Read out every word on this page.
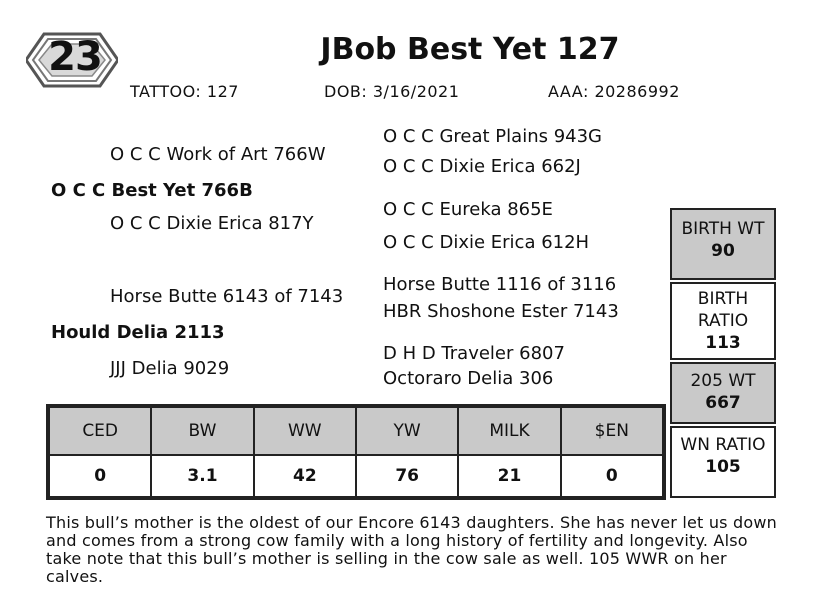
23	JBob Best Yet 127
TATTOO: 127	DOB: 3/16/2021	AAA: 20286992
O C C Great Plains 943G
O C C Work of Art 766W
O C C Dixie Erica 662J
O C C Best Yet 766B
O C C Eureka 865E
O C C Dixie Erica 817Y
O C C Dixie Erica 612H
Horse Butte 1116 of 3116
Horse Butte 6143 of 7143
HBR Shoshone Ester 7143
Hould Delia 2113
D H D Traveler 6807
JJJ Delia 9029	Octoraro Delia 306
CED	BW	WW	YW	MILK	$EN
0	3.1	42	76	21	0
BIRTH WT
90
BIRTH
RATIO
113
205 WT
667
WN RATIO
105
This bull’s mother is the oldest of our Encore 6143 daughters. She has never let us down and comes from a strong cow family with a long history of fertility and longevity. Also take note that this bull’s mother is selling in the cow sale as well. 105 WWR on her calves.
